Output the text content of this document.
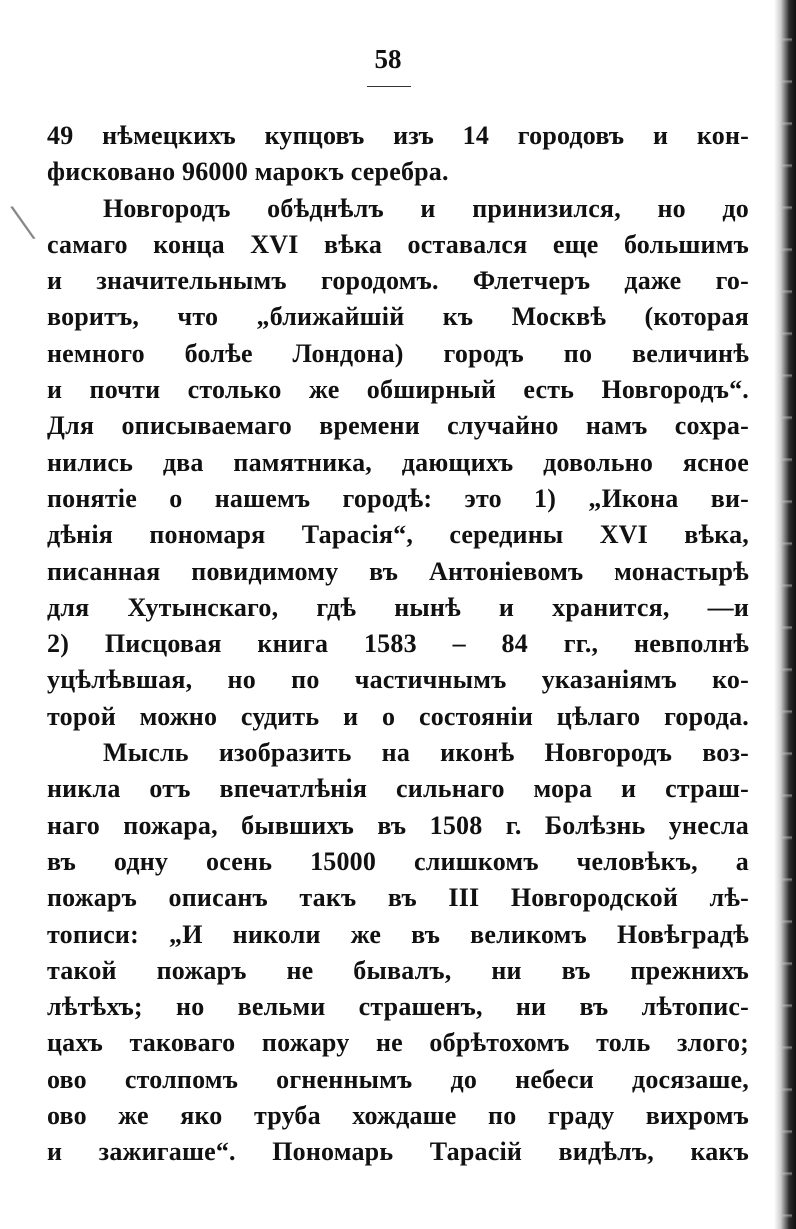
╲
58
49 нѣмецкихъ купцовъ изъ 14 городовъ и кон-
фисковано 96000 марокъ серебра.
Новгородъ обѣднѣлъ и принизился, но до
самаго конца XVI вѣка оставался еще большимъ
и значительнымъ городомъ. Флетчеръ даже го-
воритъ, что „ближайшій къ Москвѣ (которая
немного болѣе Лондона) городъ по величинѣ
и почти столько же обширный есть Новгородъ“.
Для описываемаго времени случайно намъ сохра-
нились два памятника, дающихъ довольно ясное
понятіе о нашемъ городѣ: это 1) „Икона ви-
дѣнія пономаря Тарасія“, середины XVI вѣка,
писанная повидимому въ Антоніевомъ монастырѣ
для Хутынскаго, гдѣ нынѣ и хранится, —и
2) Писцовая книга 1583 – 84 гг., невполнѣ
уцѣлѣвшая, но по частичнымъ указаніямъ ко-
торой можно судить и о состояніи цѣлаго города.
Мысль изобразить на иконѣ Новгородъ воз-
никла отъ впечатлѣнія сильнаго мора и страш-
наго пожара, бывшихъ въ 1508 г. Болѣзнь унесла
въ одну осень 15000 слишкомъ человѣкъ, а
пожаръ описанъ такъ въ III Новгородской лѣ-
тописи: „И николи же въ великомъ Новѣградѣ
такой пожаръ не бывалъ, ни въ прежнихъ
лѣтѣхъ; но вельми страшенъ, ни въ лѣтопис-
цахъ таковаго пожару не обрѣтохомъ толь злого;
ово столпомъ огненнымъ до небеси досязаше,
ово же яко труба хождаше по граду вихромъ
и зажигаше“. Пономарь Тарасій видѣлъ, какъ
